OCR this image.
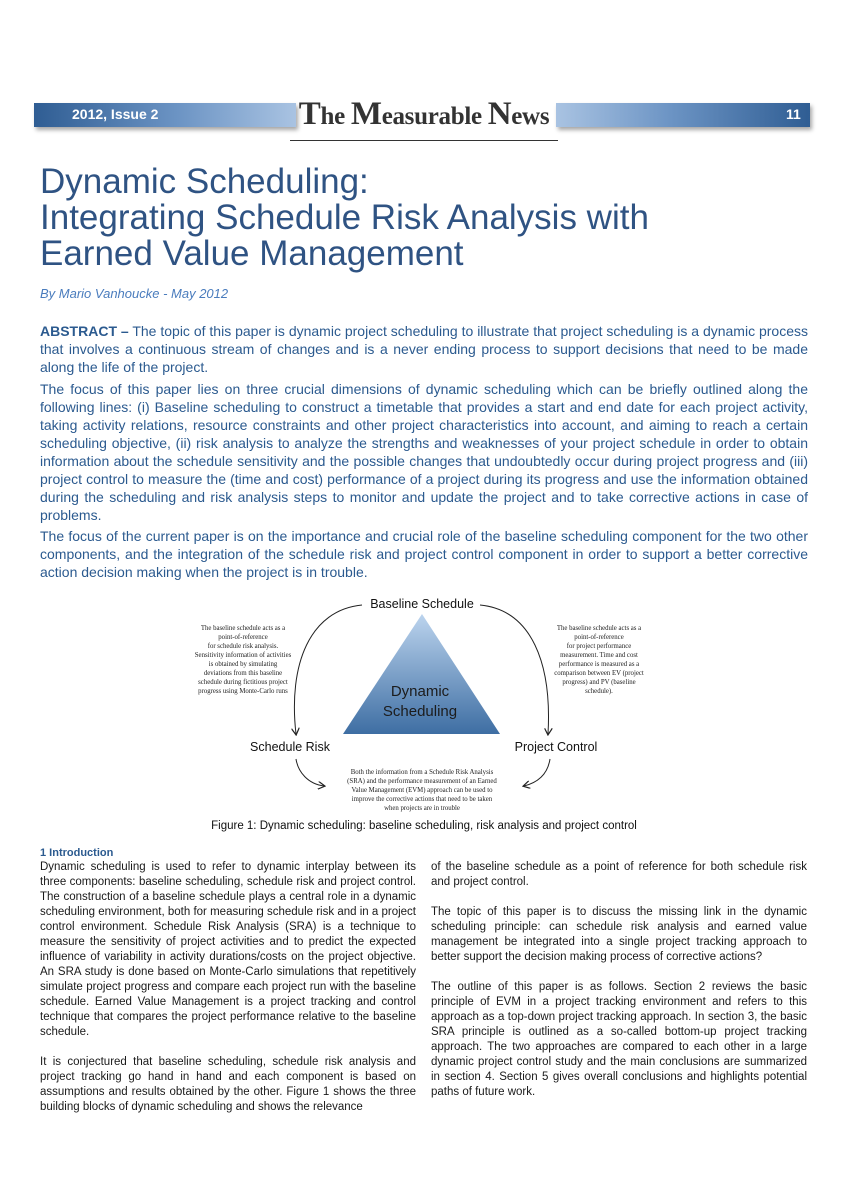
2012, Issue 2	11
The Measurable News
Dynamic Scheduling:
Integrating Schedule Risk Analysis with
Earned Value Management
By Mario Vanhoucke - May 2012

ABSTRACT – The topic of this paper is dynamic project scheduling to illustrate that project scheduling is a dynamic process that involves a continuous stream of changes and is a never ending process to support decisions that need to be made along the life of the project.

The focus of this paper lies on three crucial dimensions of dynamic scheduling which can be briefly outlined along the following lines: (i) Baseline scheduling to construct a timetable that provides a start and end date for each project activity, taking activity relations, resource constraints and other project characteristics into account, and aiming to reach a certain scheduling objective, (ii) risk analysis to analyze the strengths and weaknesses of your project schedule in order to obtain information about the schedule sensitivity and the possible changes that undoubtedly occur during project progress and (iii) project control to measure the (time and cost) performance of a project during its progress and use the information obtained during the scheduling and risk analysis steps to monitor and update the project and to take corrective actions in case of problems.

The focus of the current paper is on the importance and crucial role of the baseline scheduling component for the two other components, and the integration of the schedule risk and project control component in order to support a better corrective action decision making when the project is in trouble.

Dynamic
Scheduling
Baseline Schedule
Schedule Risk	Project Control
The baseline schedule acts as a
point-of-reference
for schedule risk analysis.
Sensitivity information of activities
is obtained by simulating
deviations from this baseline
schedule during fictitious project
progress using Monte-Carlo runs
The baseline schedule acts as a
point-of-reference
for project performance
measurement. Time and cost
performance is measured as a
comparison between EV (project
progress) and PV (baseline
schedule).
Both the information from a Schedule Risk Analysis
(SRA) and the performance measurement of an Earned
Value Management (EVM) approach can be used to
improve the corrective actions that need to be taken
when projects are in trouble
Figure 1: Dynamic scheduling: baseline scheduling, risk analysis and project control
1 Introduction

Dynamic scheduling is used to refer to dynamic interplay between its three components: baseline scheduling, schedule risk and project control. The construction of a baseline schedule plays a central role in a dynamic scheduling environment, both for measuring schedule risk and in a project control environment. Schedule Risk Analysis (SRA) is a technique to measure the sensitivity of project activities and to predict the expected influence of variability in activity durations/costs on the project objective. An SRA study is done based on Monte-Carlo simulations that repetitively simulate project progress and compare each project run with the baseline schedule. Earned Value Management is a project tracking and control technique that compares the project performance relative to the baseline schedule.

It is conjectured that baseline scheduling, schedule risk analysis and project tracking go hand in hand and each component is based on assumptions and results obtained by the other. Figure 1 shows the three building blocks of dynamic scheduling and shows the relevance

of the baseline schedule as a point of reference for both schedule risk and project control.

The topic of this paper is to discuss the missing link in the dynamic scheduling principle: can schedule risk analysis and earned value management be integrated into a single project tracking approach to better support the decision making process of corrective actions?

The outline of this paper is as follows. Section 2 reviews the basic principle of EVM in a project tracking environment and refers to this approach as a top-down project tracking approach. In section 3, the basic SRA principle is outlined as a so-called bottom-up project tracking approach. The two approaches are compared to each other in a large dynamic project control study and the main conclusions are summarized in section 4. Section 5 gives overall conclusions and highlights potential paths of future work.
